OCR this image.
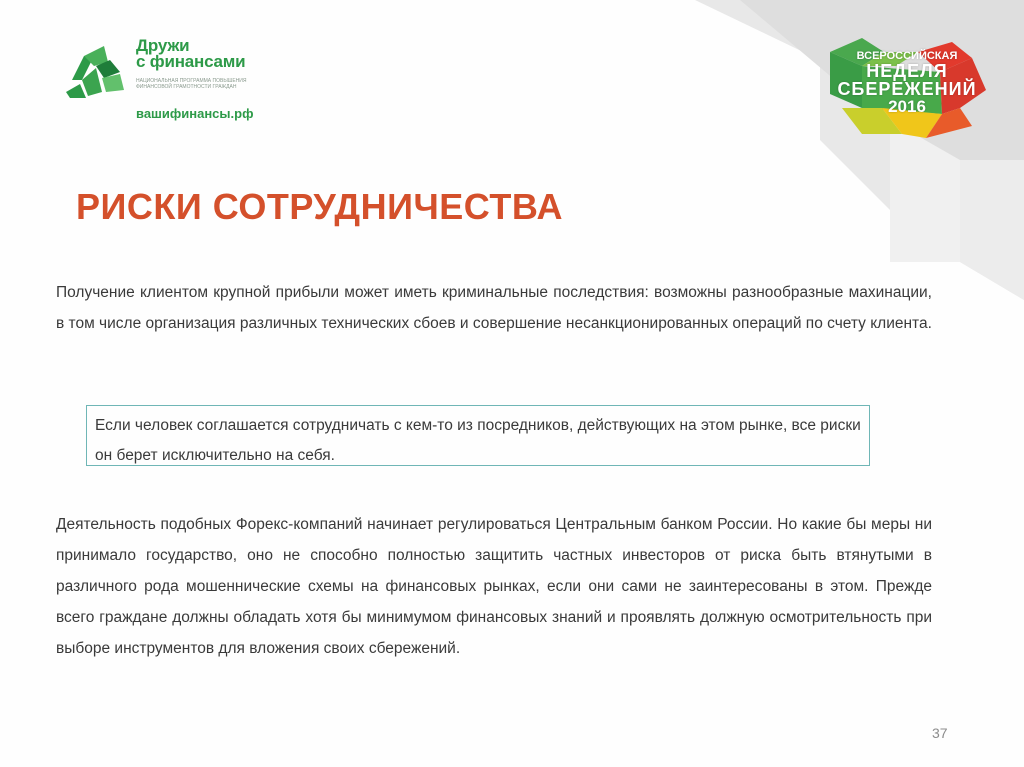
Дружи
с финансами
НАЦИОНАЛЬНАЯ ПРОГРАММА ПОВЫШЕНИЯ
ФИНАНСОВОЙ ГРАМОТНОСТИ ГРАЖДАН
вашифинансы.рф
ВСЕРОССИЙСКАЯ
НЕДЕЛЯ
СБЕРЕЖЕНИЙ
2016
РИСКИ СОТРУДНИЧЕСТВА

Получение клиентом крупной прибыли может иметь криминальные последствия: возможны разнообразные махинации, в том числе организация различных технических сбоев и совершение несанкционированных операций по счету клиента.

Если человек соглашается сотрудничать с кем-то из посредников, действующих на этом рынке, все риски он берет исключительно на себя.

Деятельность подобных Форекс-компаний начинает регулироваться Центральным банком России. Но какие бы меры ни принимало государство, оно не способно полностью защитить частных инвесторов от риска быть втянутыми в различного рода мошеннические схемы на финансовых рынках, если они сами не заинтересованы в этом. Прежде всего граждане должны обладать хотя бы минимумом финансовых знаний и проявлять должную осмотрительность при выборе инструментов для вложения своих сбережений.

37
